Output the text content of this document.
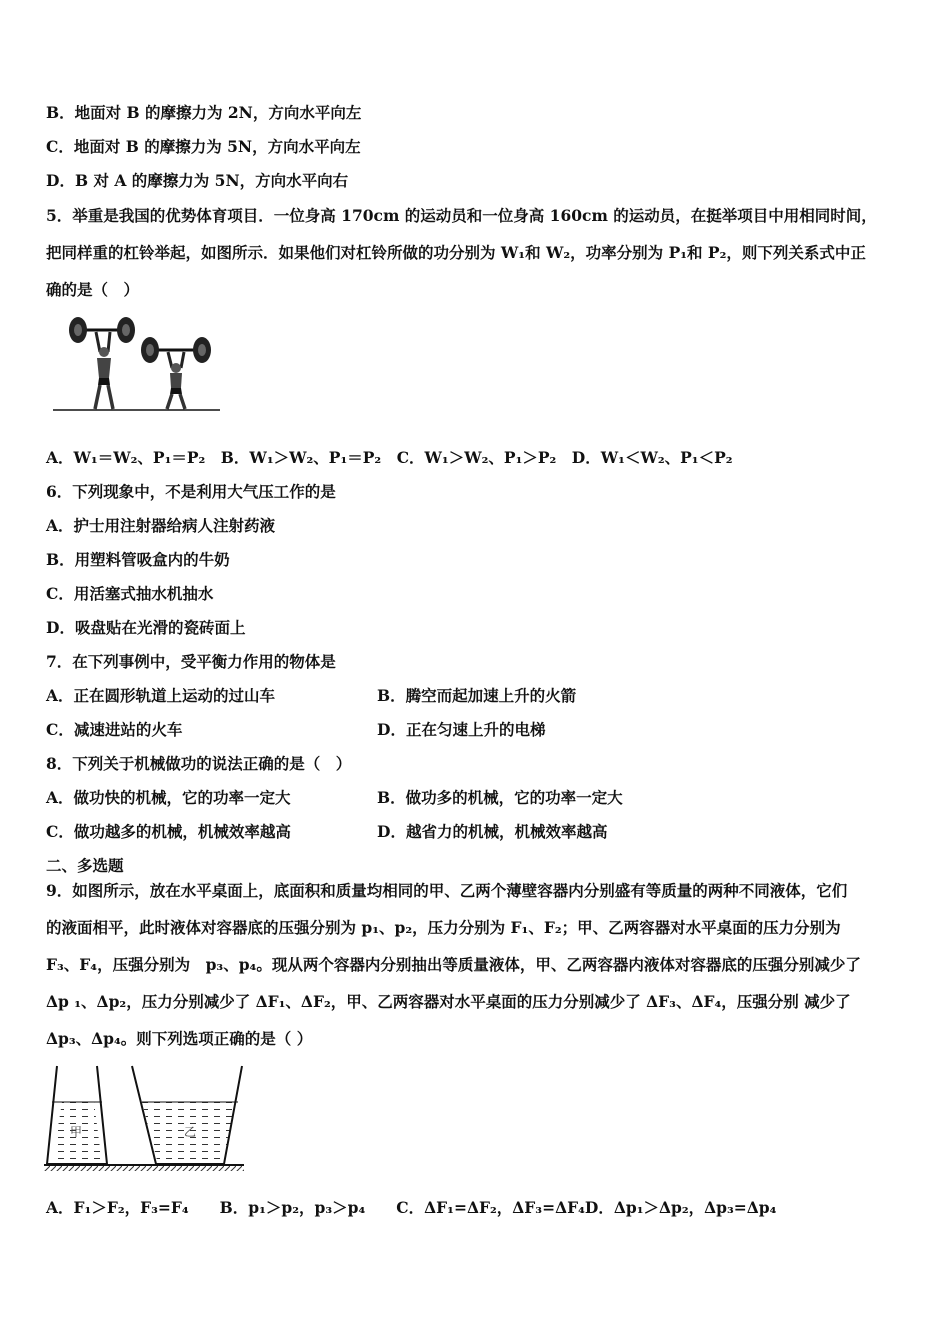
B．地面对 B 的摩擦力为 2N，方向水平向左
C．地面对 B 的摩擦力为 5N，方向水平向左
D．B 对 A 的摩擦力为 5N，方向水平向右
5．举重是我国的优势体育项目．一位身高 170cm 的运动员和一位身高 160cm 的运动员，在挺举项目中用相同时间，
把同样重的杠铃举起，如图所示．如果他们对杠铃所做的功分别为 W₁和 W₂，功率分别为 P₁和 P₂，则下列关系式中正
确的是（　）
A．W₁＝W₂、P₁＝P₂　B．W₁＞W₂、P₁＝P₂　C．W₁＞W₂、P₁＞P₂　D．W₁＜W₂、P₁＜P₂
6．下列现象中，不是利用大气压工作的是
A．护士用注射器给病人注射药液
B．用塑料管吸盒内的牛奶
C．用活塞式抽水机抽水
D．吸盘贴在光滑的瓷砖面上
7．在下列事例中，受平衡力作用的物体是
A．正在圆形轨道上运动的过山车	B．腾空而起加速上升的火箭
C．减速进站的火车	D．正在匀速上升的电梯
8．下列关于机械做功的说法正确的是（　）
A．做功快的机械，它的功率一定大	B．做功多的机械，它的功率一定大
C．做功越多的机械，机械效率越高	D．越省力的机械，机械效率越高
二、多选题
9．如图所示，放在水平桌面上，底面积和质量均相同的甲、乙两个薄壁容器内分别盛有等质量的两种不同液体，它们
的液面相平，此时液体对容器底的压强分别为 p₁、p₂，压力分别为 F₁、F₂；甲、乙两容器对水平桌面的压力分别为
F₃、F₄，压强分别为　p₃、p₄。现从两个容器内分别抽出等质量液体，甲、乙两容器内液体对容器底的压强分别减少了
Δp ₁、Δp₂，压力分别减少了 ΔF₁、ΔF₂，甲、乙两容器对水平桌面的压力分别减少了 ΔF₃、ΔF₄，压强分别 减少了
Δp₃、Δp₄。则下列选项正确的是（ ）
甲	乙
A．F₁＞F₂，F₃=F₄　　B．p₁＞p₂，p₃＞p₄　　C．ΔF₁=ΔF₂，ΔF₃=ΔF₄D．Δp₁＞Δp₂，Δp₃=Δp₄
